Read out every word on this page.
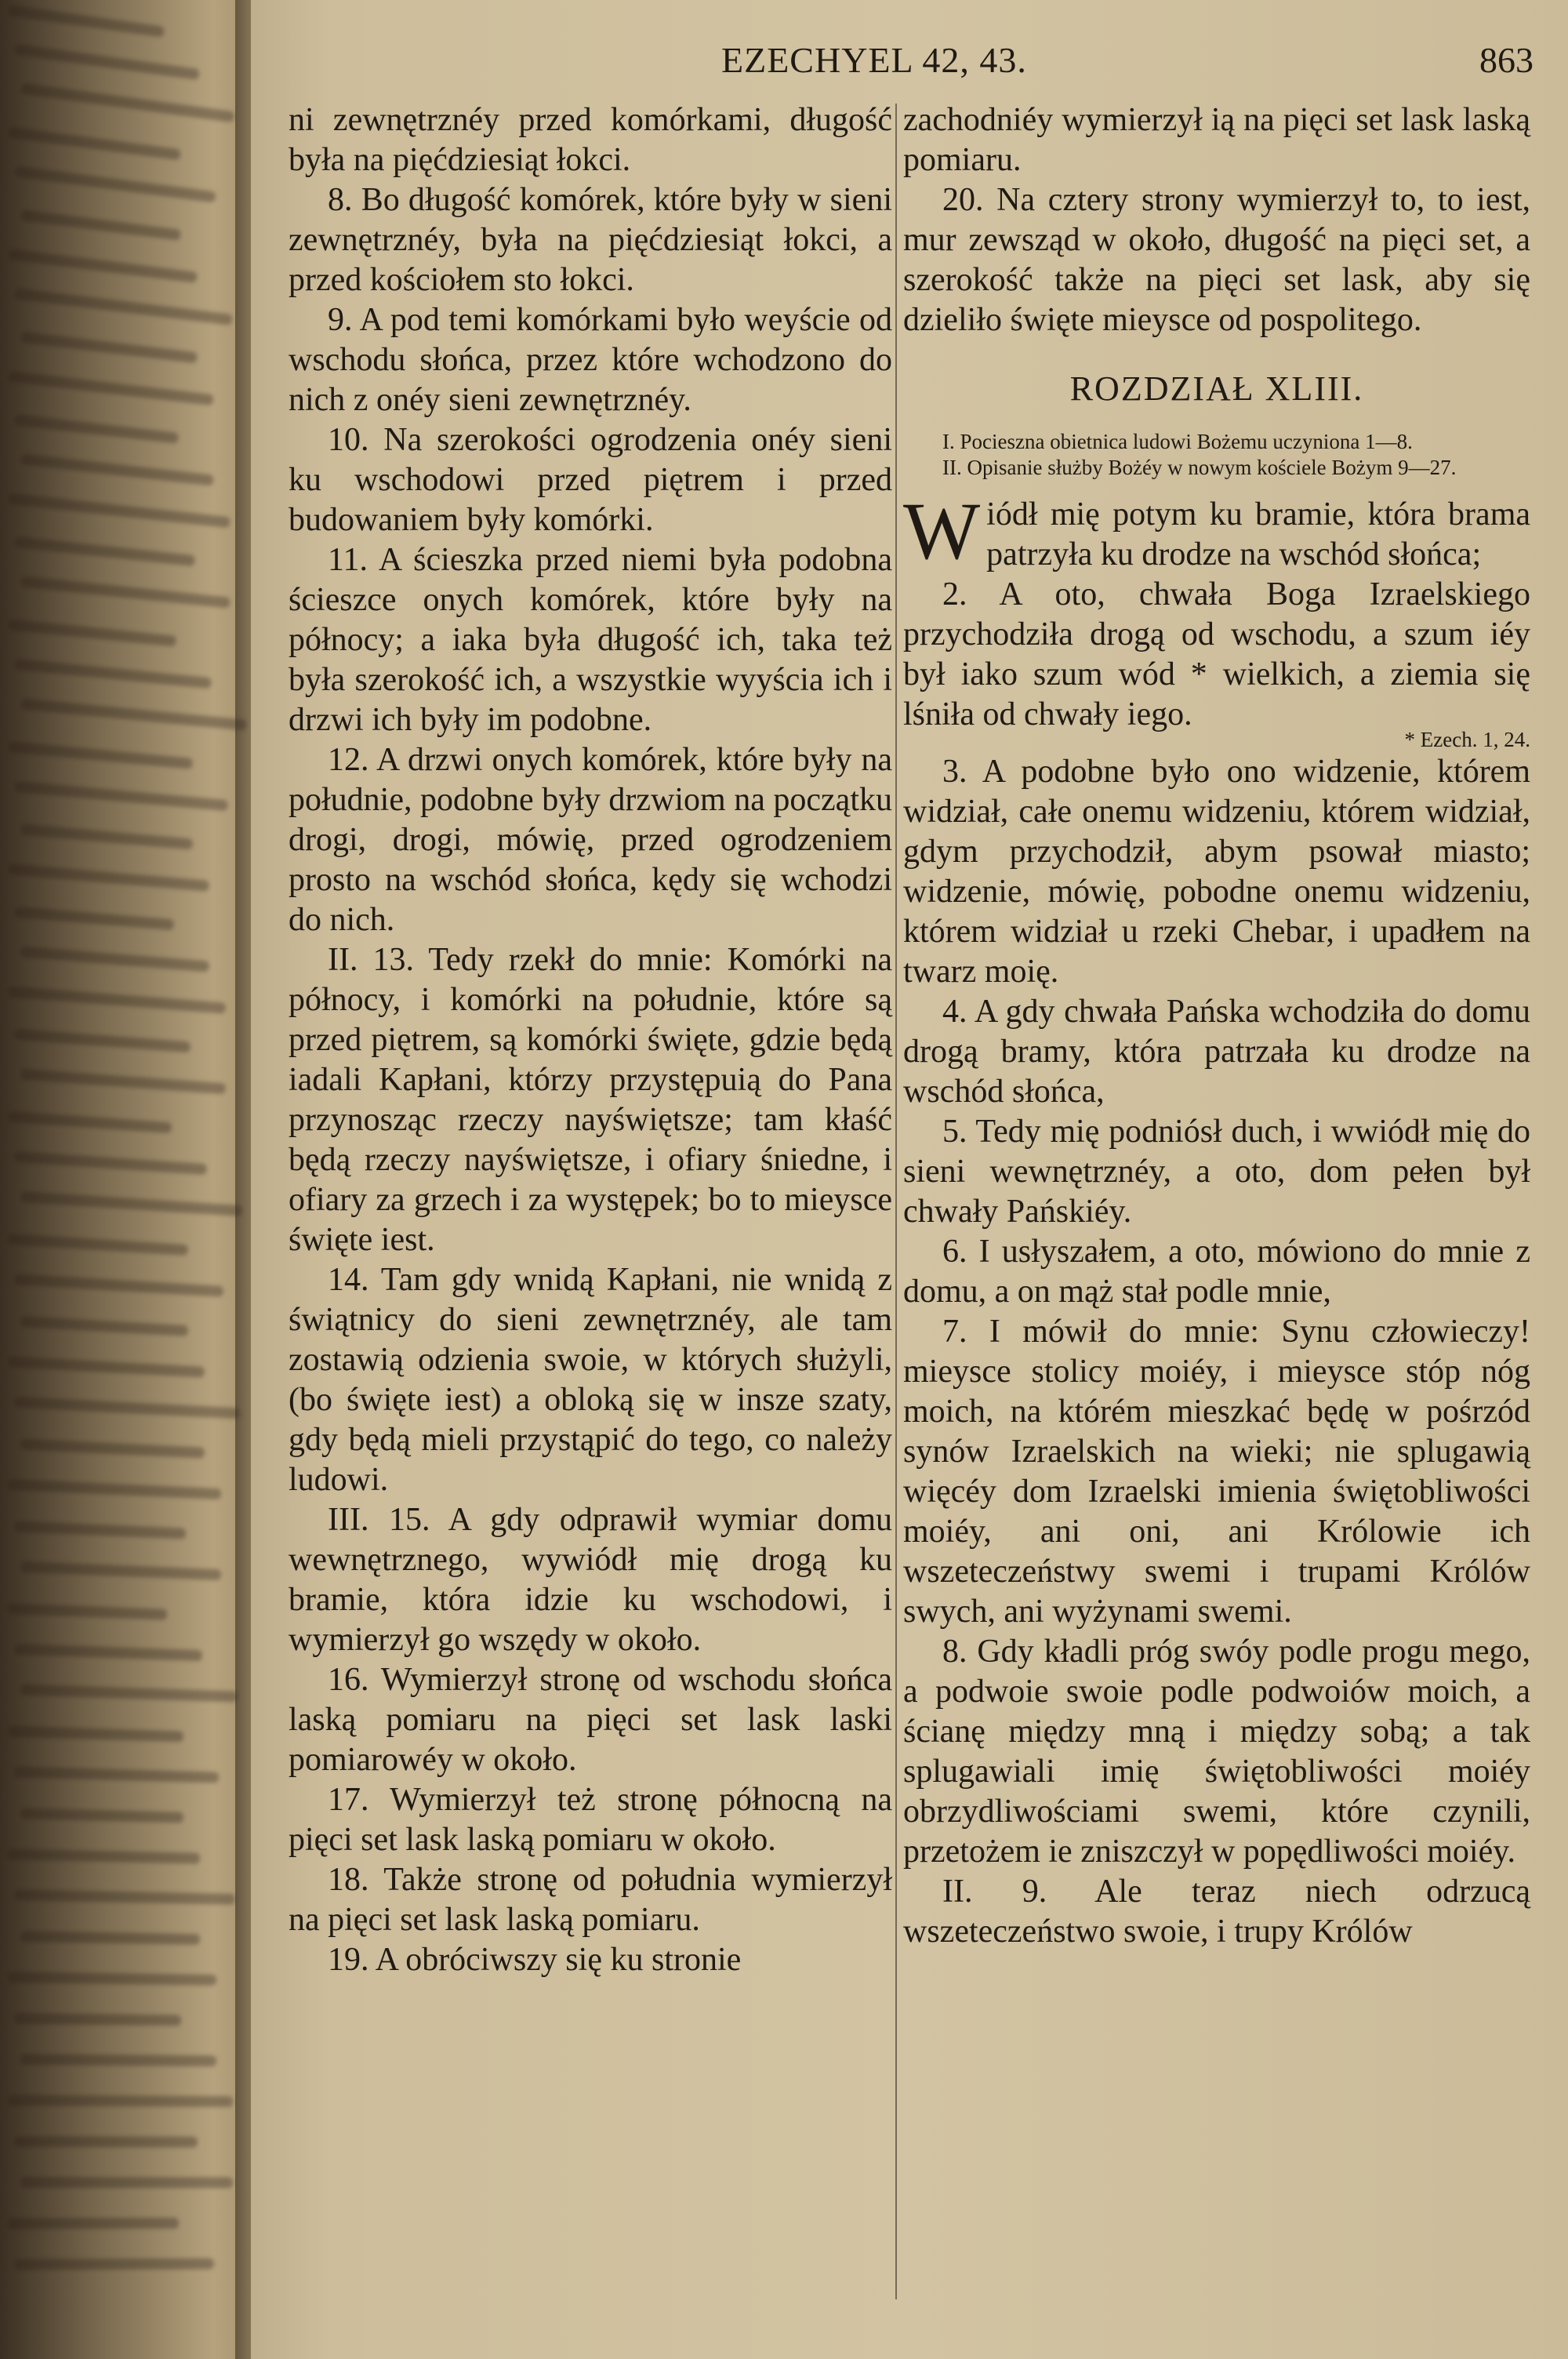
EZECHYEL 42, 43.	863

ni zewnętrznéy przed komórkami, długość była na pięćdziesiąt łokci.

8. Bo długość komórek, które były w sieni zewnętrznéy, była na pięćdziesiąt łokci, a przed kościołem sto łokci.

9. A pod temi komórkami było weyście od wschodu słońca, przez które wchodzono do nich z onéy sieni zewnętrznéy.

10. Na szerokości ogrodzenia onéy sieni ku wschodowi przed piętrem i przed budowaniem były komórki.

11. A ścieszka przed niemi była podobna ścieszce onych komórek, które były na północy; a iaka była długość ich, taka też była szerokość ich, a wszystkie wyyścia ich i drzwi ich były im podobne.

12. A drzwi onych komórek, które były na południe, podobne były drzwiom na początku drogi, drogi, mówię, przed ogrodzeniem prosto na wschód słońca, kędy się wchodzi do nich.

II. 13. Tedy rzekł do mnie: Komórki na północy, i komórki na południe, które są przed piętrem, są komórki święte, gdzie będą iadali Kapłani, którzy przystępuią do Pana przynosząc rzeczy nayświętsze; tam kłaść będą rzeczy nayświętsze, i ofiary śniedne, i ofiary za grzech i za występek; bo to mieysce święte iest.

14. Tam gdy wnidą Kapłani, nie wnidą z świątnicy do sieni zewnętrznéy, ale tam zostawią odzienia swoie, w których służyli, (bo święte iest) a obloką się w insze szaty, gdy będą mieli przystąpić do tego, co należy ludowi.

III. 15. A gdy odprawił wymiar domu wewnętrznego, wywiódł mię drogą ku bramie, która idzie ku wschodowi, i wymierzył go wszędy w około.

16. Wymierzył stronę od wschodu słońca laską pomiaru na pięci set lask laski pomiarowéy w około.

17. Wymierzył też stronę północną na pięci set lask laską pomiaru w około.

18. Także stronę od południa wymierzył na pięci set lask laską pomiaru.

19. A obróciwszy się ku stronie

zachodniéy wymierzył ią na pięci set lask laską pomiaru.

20. Na cztery strony wymierzył to, to iest, mur zewsząd w około, długość na pięci set, a szerokość także na pięci set lask, aby się dzieliło święte mieysce od pospolitego.

ROZDZIAŁ XLIII.

I. Pocieszna obietnica ludowi Bożemu uczyniona 1—8.

II. Opisanie służby Bożéy w nowym kościele Bożym 9—27.

Wiódł mię potym ku bramie, która brama patrzyła ku drodze na wschód słońca;

2. A oto, chwała Boga Izraelskiego przychodziła drogą od wschodu, a szum iéy był iako szum wód * wielkich, a ziemia się lśniła od chwały iego.

* Ezech. 1, 24.

3. A podobne było ono widzenie, którem widział, całe onemu widzeniu, którem widział, gdym przychodził, abym psował miasto; widzenie, mówię, pobodne onemu widzeniu, którem widział u rzeki Chebar, i upadłem na twarz moię.

4. A gdy chwała Pańska wchodziła do domu drogą bramy, która patrzała ku drodze na wschód słońca,

5. Tedy mię podniósł duch, i wwiódł mię do sieni wewnętrznéy, a oto, dom pełen był chwały Pańskiéy.

6. I usłyszałem, a oto, mówiono do mnie z domu, a on mąż stał podle mnie,

7. I mówił do mnie: Synu człowieczy! mieysce stolicy moiéy, i mieysce stóp nóg moich, na którém mieszkać będę w pośrzód synów Izraelskich na wieki; nie splugawią więcéy dom Izraelski imienia świętobliwości moiéy, ani oni, ani Królowie ich wszeteczeństwy swemi i trupami Królów swych, ani wyżynami swemi.

8. Gdy kładli próg swóy podle progu mego, a podwoie swoie podle podwoiów moich, a ścianę między mną i między sobą; a tak splugawiali imię świętobliwości moiéy obrzydliwościami swemi, które czynili, przetożem ie zniszczył w popędliwości moiéy.

II. 9. Ale teraz niech odrzucą wszeteczeństwo swoie, i trupy Królów
